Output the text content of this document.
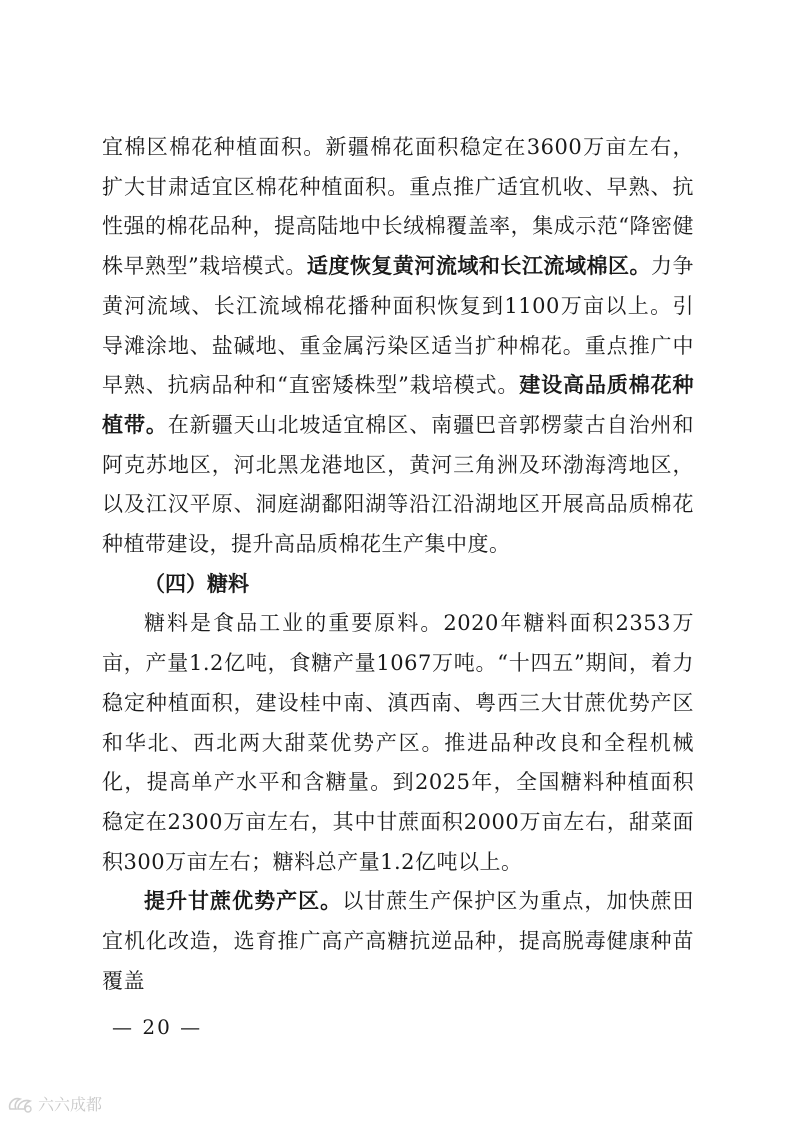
宜棉区棉花种植面积。新疆棉花面积稳定在3600万亩左右，扩大甘肃适宜区棉花种植面积。重点推广适宜机收、早熟、抗性强的棉花品种，提高陆地中长绒棉覆盖率，集成示范“降密健株早熟型”栽培模式。适度恢复黄河流域和长江流域棉区。力争黄河流域、长江流域棉花播种面积恢复到1100万亩以上。引导滩涂地、盐碱地、重金属污染区适当扩种棉花。重点推广中早熟、抗病品种和“直密矮株型”栽培模式。建设高品质棉花种植带。在新疆天山北坡适宜棉区、南疆巴音郭楞蒙古自治州和阿克苏地区，河北黑龙港地区，黄河三角洲及环渤海湾地区，以及江汉平原、洞庭湖鄱阳湖等沿江沿湖地区开展高品质棉花种植带建设，提升高品质棉花生产集中度。

（四）糖料

糖料是食品工业的重要原料。2020年糖料面积2353万亩，产量1.2亿吨，食糖产量1067万吨。“十四五”期间，着力稳定种植面积，建设桂中南、滇西南、粤西三大甘蔗优势产区和华北、西北两大甜菜优势产区。推进品种改良和全程机械化，提高单产水平和含糖量。到2025年，全国糖料种植面积稳定在2300万亩左右，其中甘蔗面积2000万亩左右，甜菜面积300万亩左右；糖料总产量1.2亿吨以上。

提升甘蔗优势产区。以甘蔗生产保护区为重点，加快蔗田宜机化改造，选育推广高产高糖抗逆品种，提高脱毒健康种苗覆盖

— 20 —
六六成都
